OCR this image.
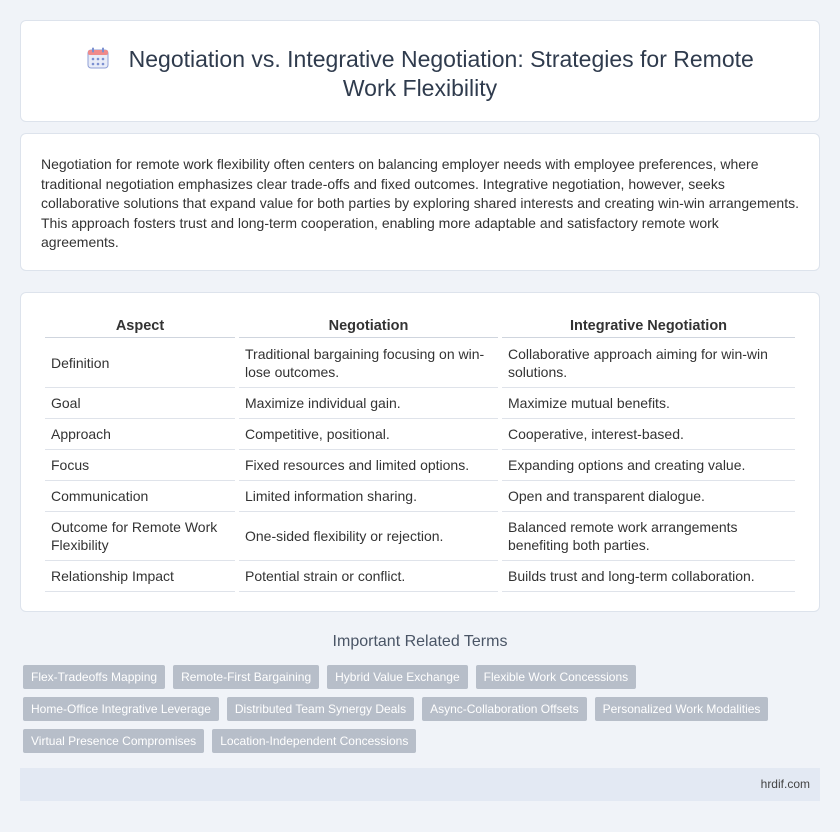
Negotiation vs. Integrative Negotiation: Strategies for Remote Work Flexibility

Negotiation for remote work flexibility often centers on balancing employer needs with employee preferences, where traditional negotiation emphasizes clear trade-offs and fixed outcomes. Integrative negotiation, however, seeks collaborative solutions that expand value for both parties by exploring shared interests and creating win-win arrangements. This approach fosters trust and long-term cooperation, enabling more adaptable and satisfactory remote work agreements.

Aspect	Negotiation	Integrative Negotiation
Definition	Traditional bargaining focusing on win-lose outcomes.	Collaborative approach aiming for win-win solutions.
Goal	Maximize individual gain.	Maximize mutual benefits.
Approach	Competitive, positional.	Cooperative, interest-based.
Focus	Fixed resources and limited options.	Expanding options and creating value.
Communication	Limited information sharing.	Open and transparent dialogue.
Outcome for Remote Work Flexibility	One-sided flexibility or rejection.	Balanced remote work arrangements benefiting both parties.
Relationship Impact	Potential strain or conflict.	Builds trust and long-term collaboration.
Important Related Terms
Flex-Tradeoffs Mapping	Remote-First Bargaining	Hybrid Value Exchange	Flexible Work Concessions
Home-Office Integrative Leverage	Distributed Team Synergy Deals	Async-Collaboration Offsets	Personalized Work Modalities
Virtual Presence Compromises	Location-Independent Concessions
hrdif.com
